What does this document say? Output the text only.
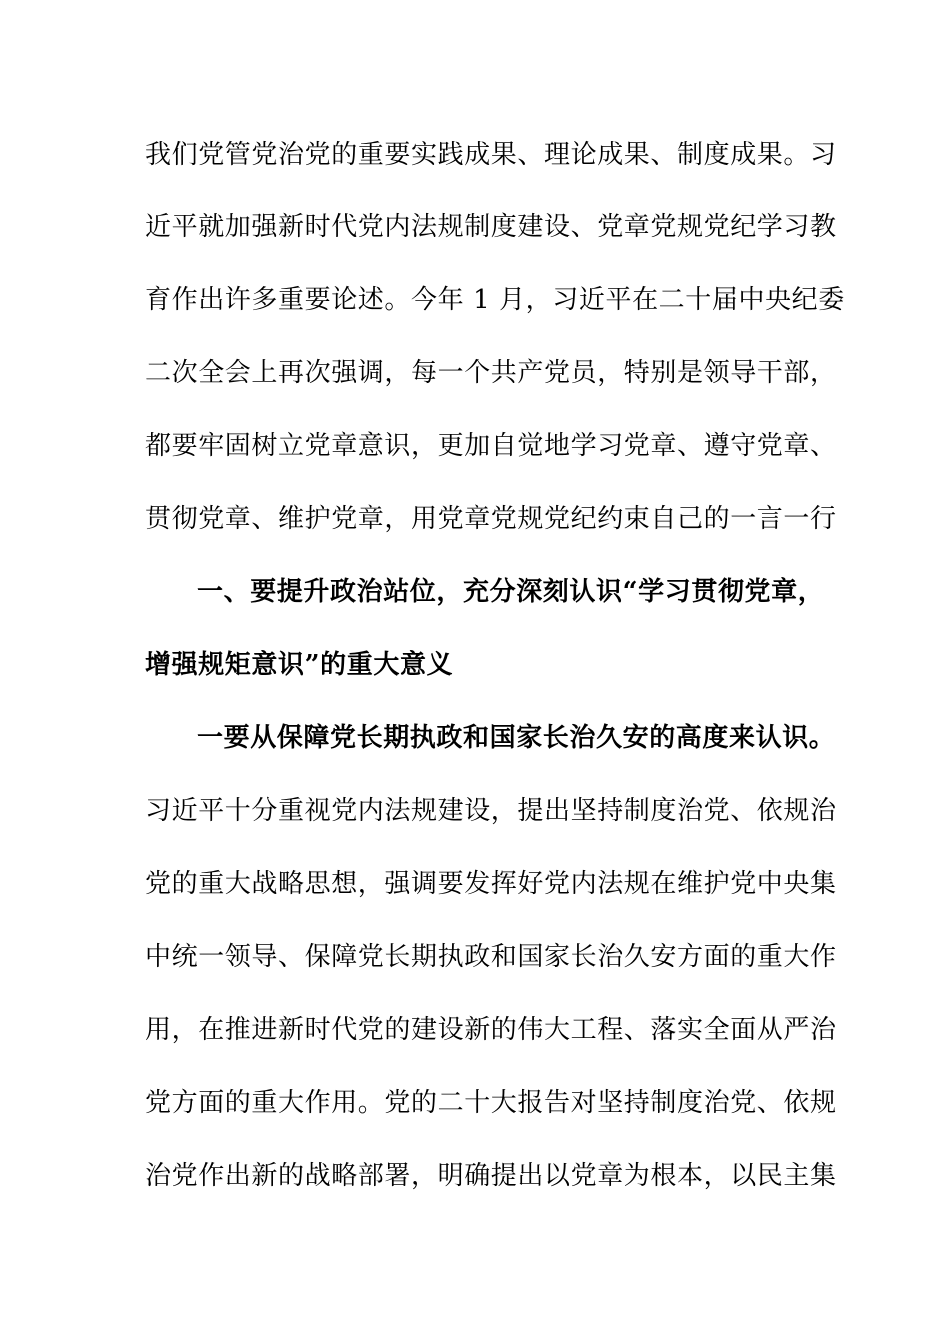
我们党管党治党的重要实践成果、理论成果、制度成果。习
近平就加强新时代党内法规制度建设、党章党规党纪学习教
育作出许多重要论述。今年 1 月，习近平在二十届中央纪委
二次全会上再次强调，每一个共产党员，特别是领导干部，
都要牢固树立党章意识，更加自觉地学习党章、遵守党章、
贯彻党章、维护党章，用党章党规党纪约束自己的一言一行
一、要提升政治站位，充分深刻认识“学习贯彻党章，
增强规矩意识”的重大意义
一要从保障党长期执政和国家长治久安的高度来认识。
习近平十分重视党内法规建设，提出坚持制度治党、依规治
党的重大战略思想，强调要发挥好党内法规在维护党中央集
中统一领导、保障党长期执政和国家长治久安方面的重大作
用，在推进新时代党的建设新的伟大工程、落实全面从严治
党方面的重大作用。党的二十大报告对坚持制度治党、依规
治党作出新的战略部署，明确提出以党章为根本，以民主集
